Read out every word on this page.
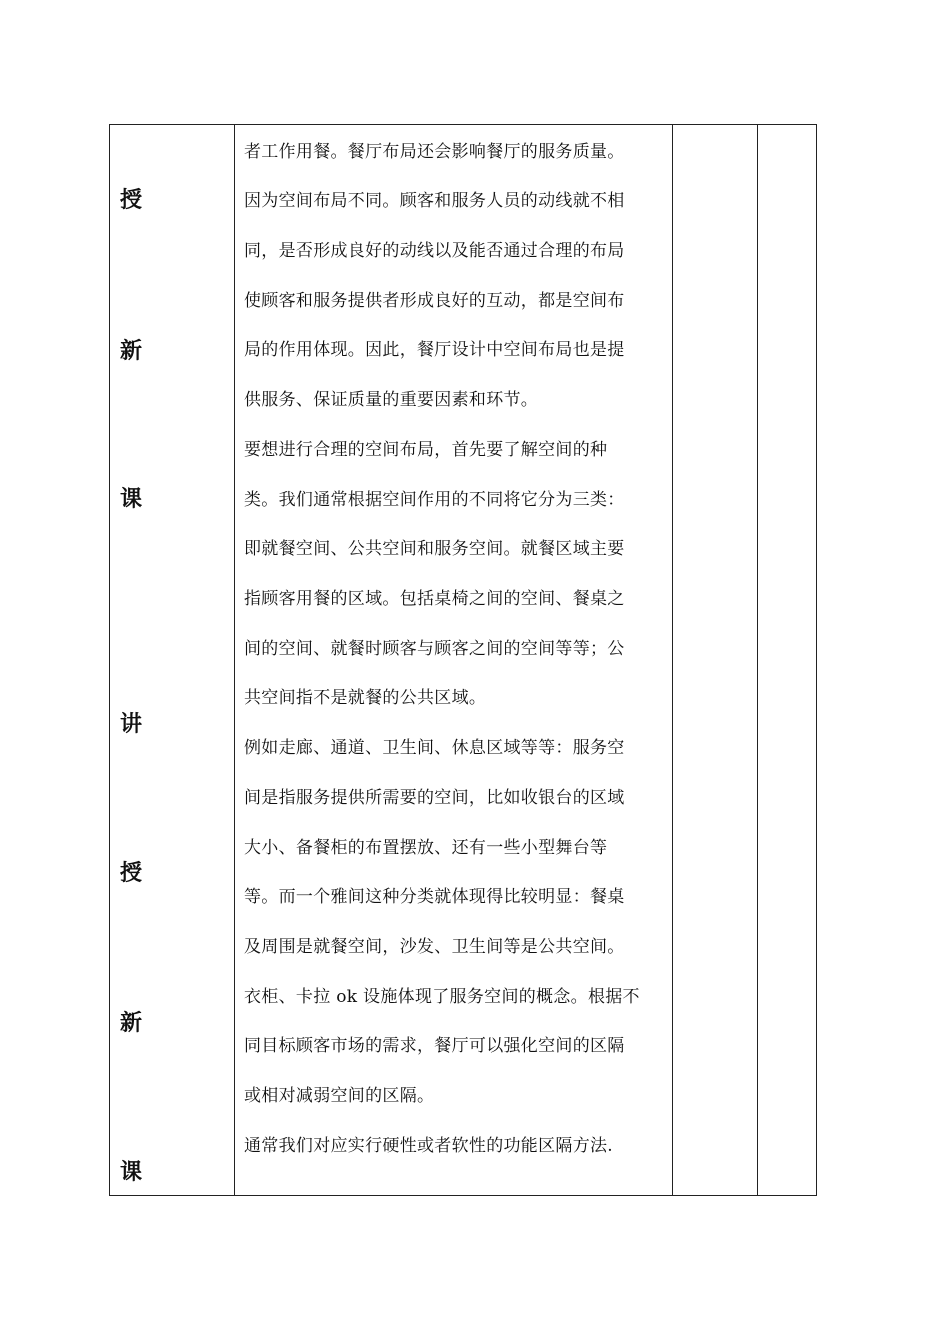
授
新
课
讲
授
新
课
者工作用餐。餐厅布局还会影响餐厅的服务质量。
因为空间布局不同。顾客和服务人员的动线就不相
同，是否形成良好的动线以及能否通过合理的布局
使顾客和服务提供者形成良好的互动，都是空间布
局的作用体现。因此，餐厅设计中空间布局也是提
供服务、保证质量的重要因素和环节。
要想进行合理的空间布局，首先要了解空间的种
类。我们通常根据空间作用的不同将它分为三类：
即就餐空间、公共空间和服务空间。就餐区域主要
指顾客用餐的区域。包括桌椅之间的空间、餐桌之
间的空间、就餐时顾客与顾客之间的空间等等；公
共空间指不是就餐的公共区域。
例如走廊、通道、卫生间、休息区域等等：服务空
间是指服务提供所需要的空间，比如收银台的区域
大小、备餐柜的布置摆放、还有一些小型舞台等
等。而一个雅间这种分类就体现得比较明显：餐桌
及周围是就餐空间，沙发、卫生间等是公共空间。
衣柜、卡拉 ok 设施体现了服务空间的概念。根据不
同目标顾客市场的需求，餐厅可以强化空间的区隔
或相对减弱空间的区隔。
通常我们对应实行硬性或者软性的功能区隔方法.
